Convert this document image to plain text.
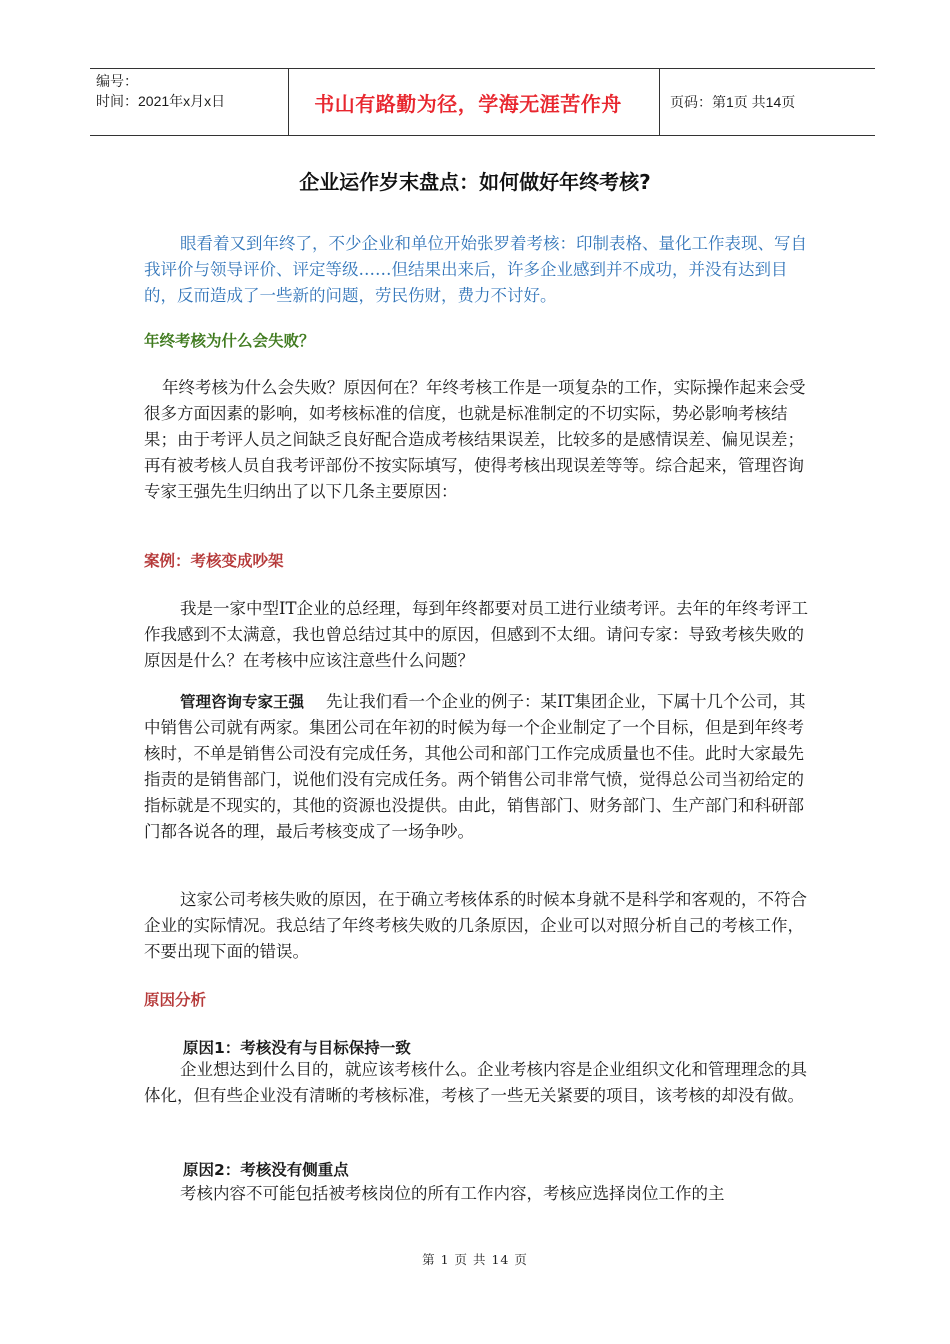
编号：
时间：2021年x月x日	书山有路勤为径，学海无涯苦作舟	页码：第1页 共14页
企业运作岁末盘点：如何做好年终考核?
眼看着又到年终了，不少企业和单位开始张罗着考核：印制表格、量化工作表现、写自我评价与领导评价、评定等级……但结果出来后，许多企业感到并不成功，并没有达到目的，反而造成了一些新的问题，劳民伤财，费力不讨好。
年终考核为什么会失败？
年终考核为什么会失败？原因何在？年终考核工作是一项复杂的工作，实际操作起来会受很多方面因素的影响，如考核标准的信度，也就是标准制定的不切实际，势必影响考核结果；由于考评人员之间缺乏良好配合造成考核结果误差，比较多的是感情误差、偏见误差；再有被考核人员自我考评部份不按实际填写，使得考核出现误差等等。综合起来，管理咨询专家王强先生归纳出了以下几条主要原因：
案例：考核变成吵架
我是一家中型IT企业的总经理，每到年终都要对员工进行业绩考评。去年的年终考评工作我感到不太满意，我也曾总结过其中的原因，但感到不太细。请问专家：导致考核失败的原因是什么？在考核中应该注意些什么问题？
管理咨询专家王强 先让我们看一个企业的例子：某IT集团企业，下属十几个公司，其中销售公司就有两家。集团公司在年初的时候为每一个企业制定了一个目标，但是到年终考核时，不单是销售公司没有完成任务，其他公司和部门工作完成质量也不佳。此时大家最先指责的是销售部门，说他们没有完成任务。两个销售公司非常气愤，觉得总公司当初给定的指标就是不现实的，其他的资源也没提供。由此，销售部门、财务部门、生产部门和科研部门都各说各的理，最后考核变成了一场争吵。
这家公司考核失败的原因，在于确立考核体系的时候本身就不是科学和客观的，不符合企业的实际情况。我总结了年终考核失败的几条原因，企业可以对照分析自己的考核工作，不要出现下面的错误。
原因分析
原因1：考核没有与目标保持一致
企业想达到什么目的，就应该考核什么。企业考核内容是企业组织文化和管理理念的具体化，但有些企业没有清晰的考核标准，考核了一些无关紧要的项目，该考核的却没有做。
原因2：考核没有侧重点
考核内容不可能包括被考核岗位的所有工作内容，考核应选择岗位工作的主
第 1 页 共 14 页
